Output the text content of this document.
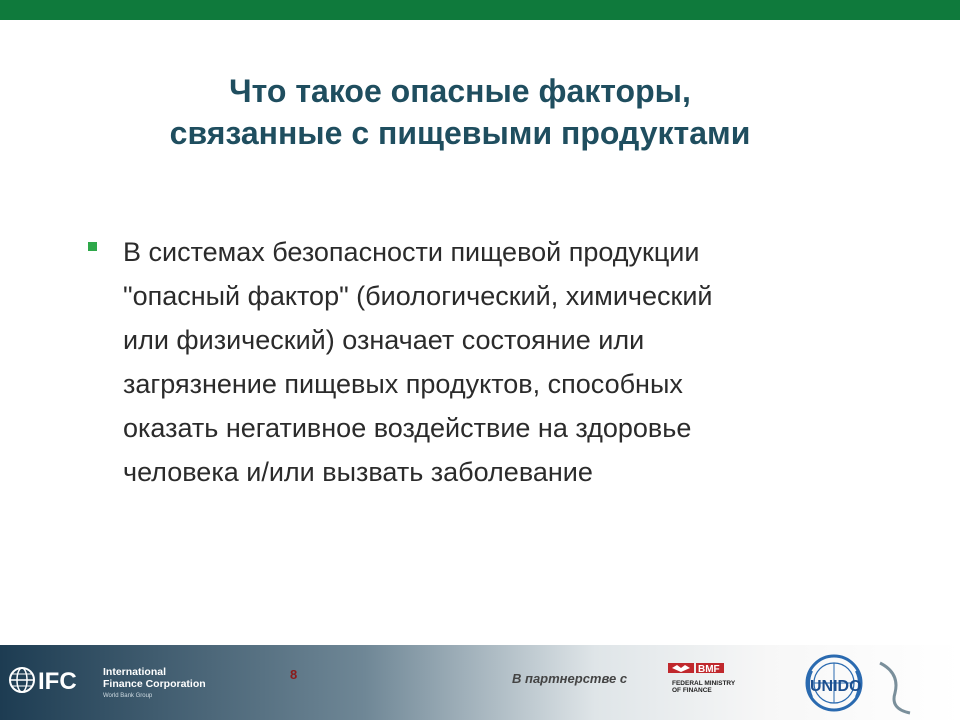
Что такое опасные факторы,
связанные с пищевыми продуктами
В системах безопасности пищевой продукции
"опасный фактор" (биологический, химический
или физический) означает состояние или
загрязнение пищевых продуктов, способных
оказать негативное воздействие на здоровье
человека и/или вызвать заболевание
IFC	International
Finance Corporation
World Bank Group
8	В партнерстве с
BMF
FEDERAL MINISTRY
OF FINANCE	UNIDO
